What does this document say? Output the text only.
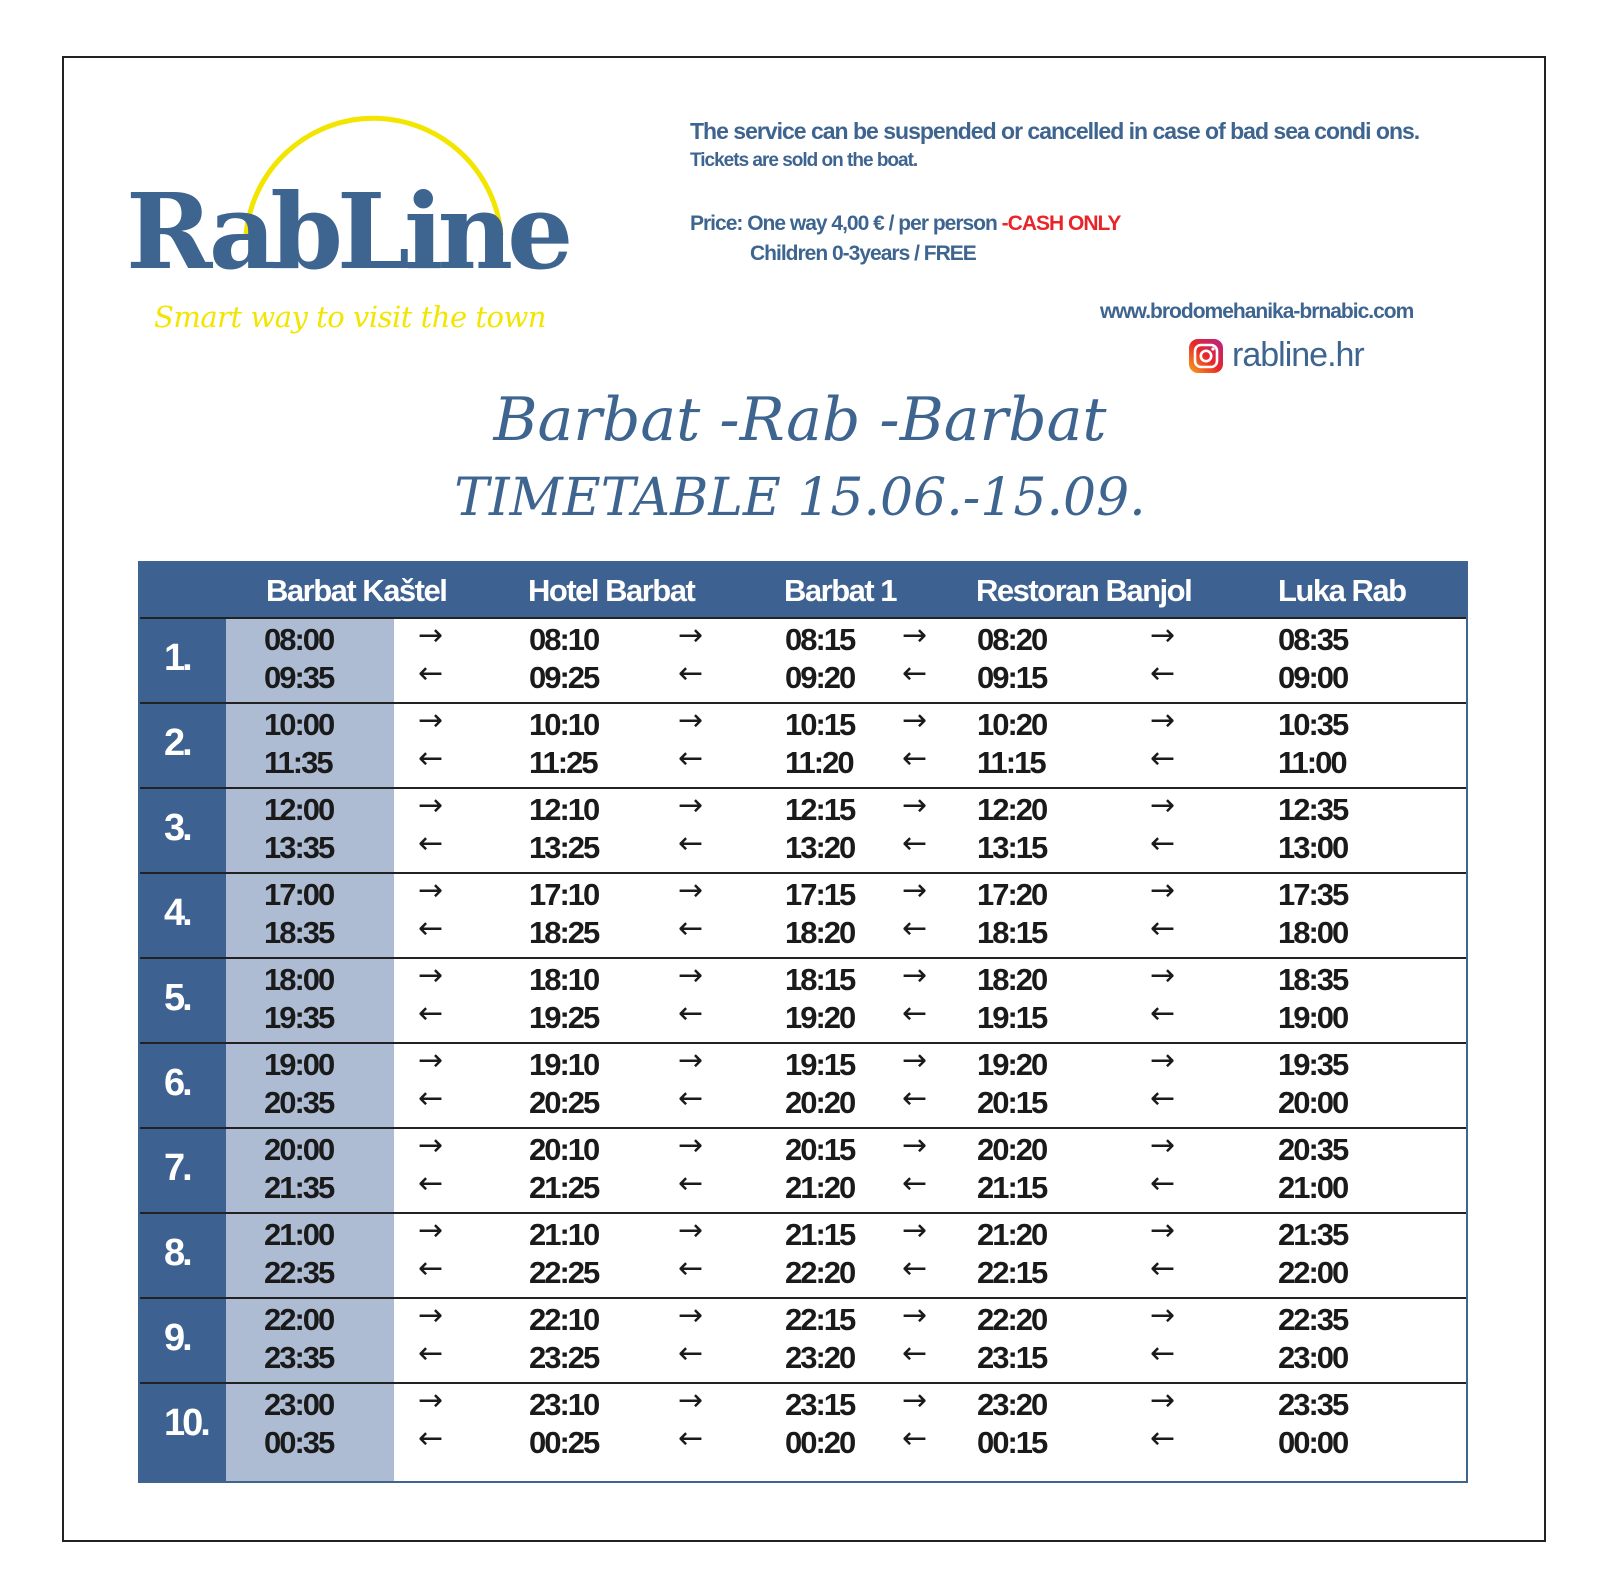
RabLine
Smart way to visit the town
The service can be suspended or cancelled in case of bad sea condi ons.
Tickets are sold on the boat.
Price: One way 4,00 € / per person -CASH ONLY
Children 0-3years / FREE
www.brodomehanika-brnabic.com
rabline.hr
Barbat -Rab -Barbat
TIMETABLE 15.06.-15.09.
Barbat Kaštel	Hotel Barbat	Barbat 1	Restoran Banjol	Luka Rab
1. 08:00	08:10	08:15	08:20	08:35
→	→	→	→
09:35	09:25	09:20	09:15	09:00
←	←	←	←
2. 10:00	10:10	10:15	10:20	10:35
→	→	→	→
11:35	11:25	11:20	11:15	11:00
←	←	←	←
3. 12:00	12:10	12:15	12:20	12:35
→	→	→	→
13:35	13:25	13:20	13:15	13:00
←	←	←	←
4. 17:00	17:10	17:15	17:20	17:35
→	→	→	→
18:35	18:25	18:20	18:15	18:00
←	←	←	←
5. 18:00	18:10	18:15	18:20	18:35
→	→	→	→
19:35	19:25	19:20	19:15	19:00
←	←	←	←
6. 19:00	19:10	19:15	19:20	19:35
→	→	→	→
20:35	20:25	20:20	20:15	20:00
←	←	←	←
7. 20:00	20:10	20:15	20:20	20:35
→	→	→	→
21:35	21:25	21:20	21:15	21:00
←	←	←	←
8. 21:00	21:10	21:15	21:20	21:35
→	→	→	→
22:35	22:25	22:20	22:15	22:00
←	←	←	←
9. 22:00	22:10	22:15	22:20	22:35
→	→	→	→
23:35	23:25	23:20	23:15	23:00
←	←	←	←
10. 23:00	23:10	23:15	23:20	23:35
→	→	→	→
00:35	00:25	00:20	00:15	00:00
←	←	←	←
